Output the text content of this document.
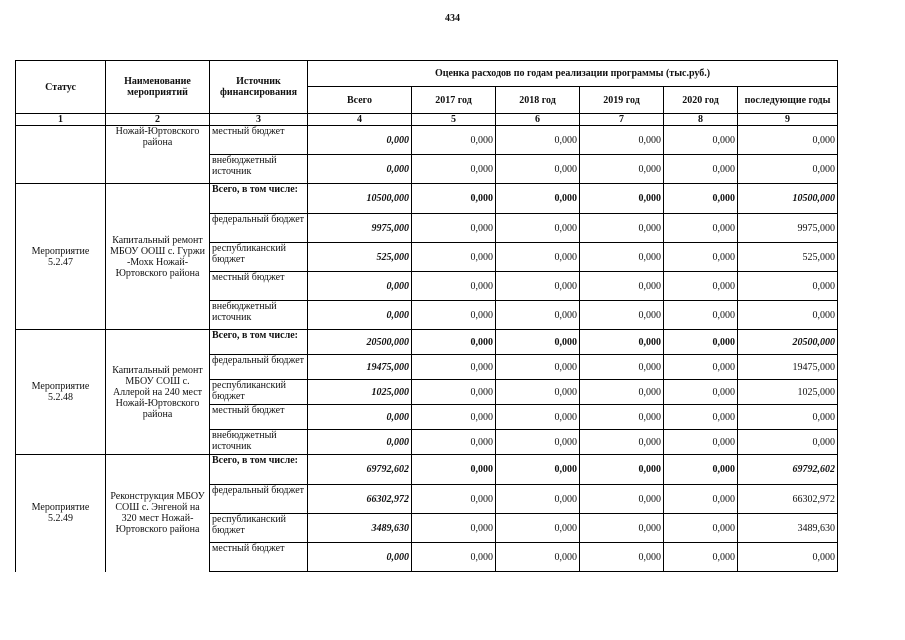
434
Статус	Наименование мероприятий	Источник финансирования	Оценка расходов по годам реализации программы (тыс.руб.)					
			Всего	2017 год	2018 год	2019 год	2020 год	последующие годы
1	2	3	4	5	6	7	8	9
	Ножай-Юртовского района	местный бюджет	0,000	0,000	0,000	0,000	0,000	0,000
		внебюджетный источник	0,000	0,000	0,000	0,000	0,000	0,000
Мероприятие 5.2.47	Капитальный ремонт МБОУ ООШ с. Гуржи -Мохк Ножай-Юртовского района	Всего, в том числе:	10500,000	0,000	0,000	0,000	0,000	10500,000
		федеральный бюджет	9975,000	0,000	0,000	0,000	0,000	9975,000
		республиканский бюджет	525,000	0,000	0,000	0,000	0,000	525,000
		местный бюджет	0,000	0,000	0,000	0,000	0,000	0,000
		внебюджетный источник	0,000	0,000	0,000	0,000	0,000	0,000
Мероприятие 5.2.48	Капитальный ремонт МБОУ СОШ с. Аллерой на 240 мест Ножай-Юртовского района	Всего, в том числе:	20500,000	0,000	0,000	0,000	0,000	20500,000
		федеральный бюджет	19475,000	0,000	0,000	0,000	0,000	19475,000
		республиканский бюджет	1025,000	0,000	0,000	0,000	0,000	1025,000
		местный бюджет	0,000	0,000	0,000	0,000	0,000	0,000
		внебюджетный источник	0,000	0,000	0,000	0,000	0,000	0,000
Мероприятие 5.2.49	Реконструкция МБОУ СОШ с. Энгеной на 320 мест Ножай-Юртовского района	Всего, в том числе:	69792,602	0,000	0,000	0,000	0,000	69792,602
		федеральный бюджет	66302,972	0,000	0,000	0,000	0,000	66302,972
		республиканский бюджет	3489,630	0,000	0,000	0,000	0,000	3489,630
		местный бюджет	0,000	0,000	0,000	0,000	0,000	0,000
